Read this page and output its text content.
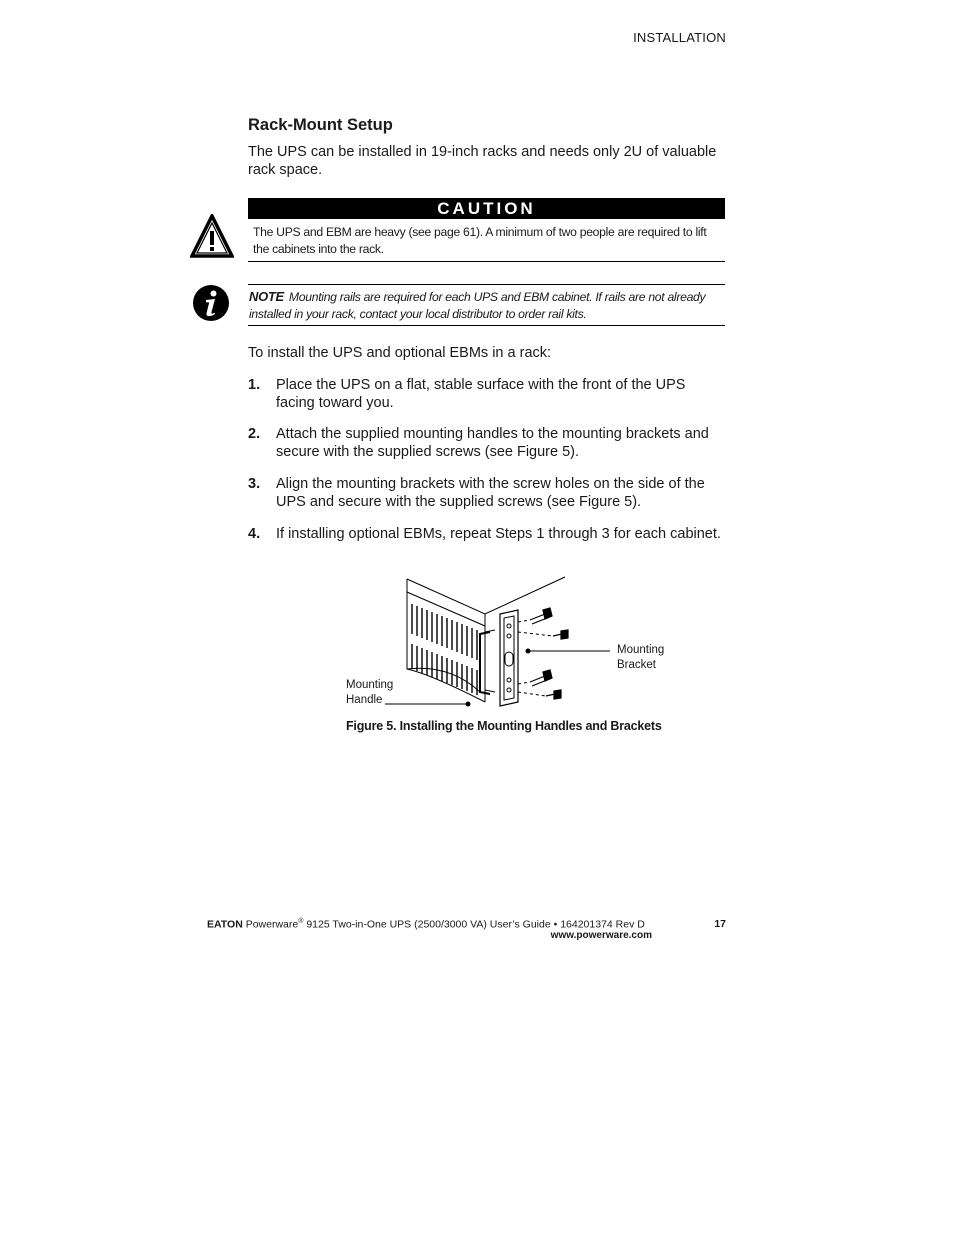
INSTALLATION
Rack-Mount Setup
The UPS can be installed in 19-inch racks and needs only 2U of valuable rack space.
CAUTION
The UPS and EBM are heavy (see page 61). A minimum of two people are required to lift the cabinets into the rack.
NOTE Mounting rails are required for each UPS and EBM cabinet. If rails are not already installed in your rack, contact your local distributor to order rail kits.
To install the UPS and optional EBMs in a rack:
1. Place the UPS on a flat, stable surface with the front of the UPS facing toward you.
2. Attach the supplied mounting handles to the mounting brackets and secure with the supplied screws (see Figure 5).
3. Align the mounting brackets with the screw holes on the side of the UPS and secure with the supplied screws (see Figure 5).
4. If installing optional EBMs, repeat Steps 1 through 3 for each cabinet.
Mounting
Bracket
Mounting
Handle
Figure 5. Installing the Mounting Handles and Brackets
EATON Powerware® 9125 Two-in-One UPS (2500/3000 VA) User’s Guide • 164201374 Rev D
www.powerware.com
17
